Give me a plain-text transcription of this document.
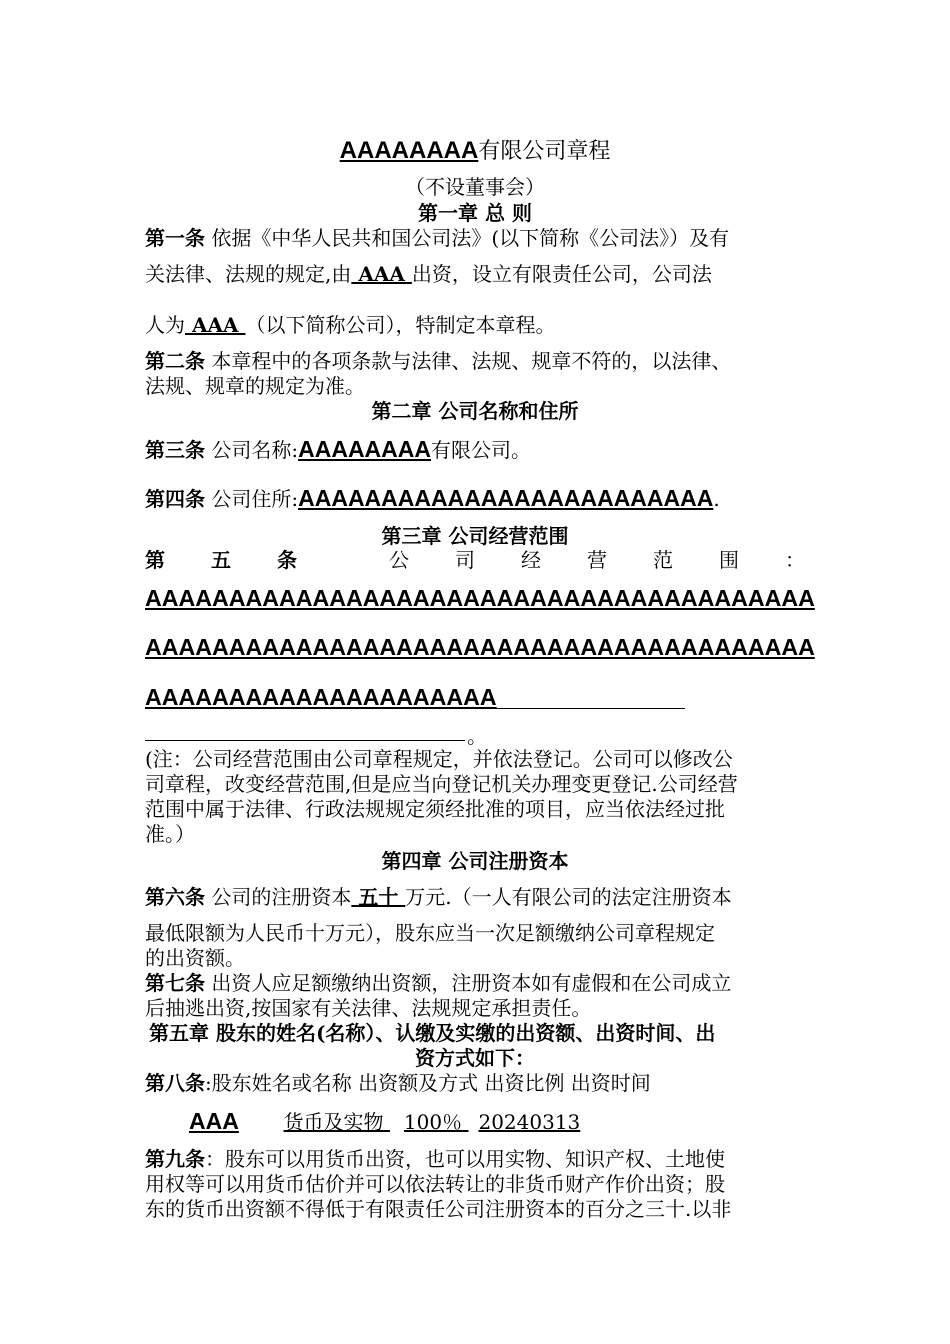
AAAAAAAA有限公司章程
（不设董事会）
第一章 总 则
第一条 依据《中华人民共和国公司法》(以下简称《公司法》）及有
关法律、法规的规定,由 AAA 出资，设立有限责任公司，公司法
人为 AAA （以下简称公司），特制定本章程。
第二条 本章程中的各项条款与法律、法规、规章不符的，以法律、
法规、规章的规定为准。
第二章 公司名称和住所
第三条 公司名称:AAAAAAAA有限公司。
第四条 公司住所:AAAAAAAAAAAAAAAAAAAAAAAAA.
第三章 公司经营范围
第 五 条	公 司 经 营 范 围 ：
AAAAAAAAAAAAAAAAAAAAAAAAAAAAAAAAAAAAAAAA
AAAAAAAAAAAAAAAAAAAAAAAAAAAAAAAAAAAAAAAA
AAAAAAAAAAAAAAAAAAAAA
。
(注：公司经营范围由公司章程规定，并依法登记。公司可以修改公
司章程，改变经营范围,但是应当向登记机关办理变更登记.公司经营
范围中属于法律、行政法规规定须经批准的项目，应当依法经过批
准。）
第四章 公司注册资本
第六条 公司的注册资本 五十 万元.（一人有限公司的法定注册资本
最低限额为人民币十万元），股东应当一次足额缴纳公司章程规定
的出资额。
第七条 出资人应足额缴纳出资额，注册资本如有虚假和在公司成立
后抽逃出资,按国家有关法律、法规规定承担责任。
第五章 股东的姓名(名称）、认缴及实缴的出资额、出资时间、出
资方式如下：
第八条:股东姓名或名称 出资额及方式 出资比例 出资时间
AAA 货币及实物 100％ 20240313
第九条：股东可以用货币出资，也可以用实物、知识产权、土地使
用权等可以用货币估价并可以依法转让的非货币财产作价出资；股
东的货币出资额不得低于有限责任公司注册资本的百分之三十.以非
